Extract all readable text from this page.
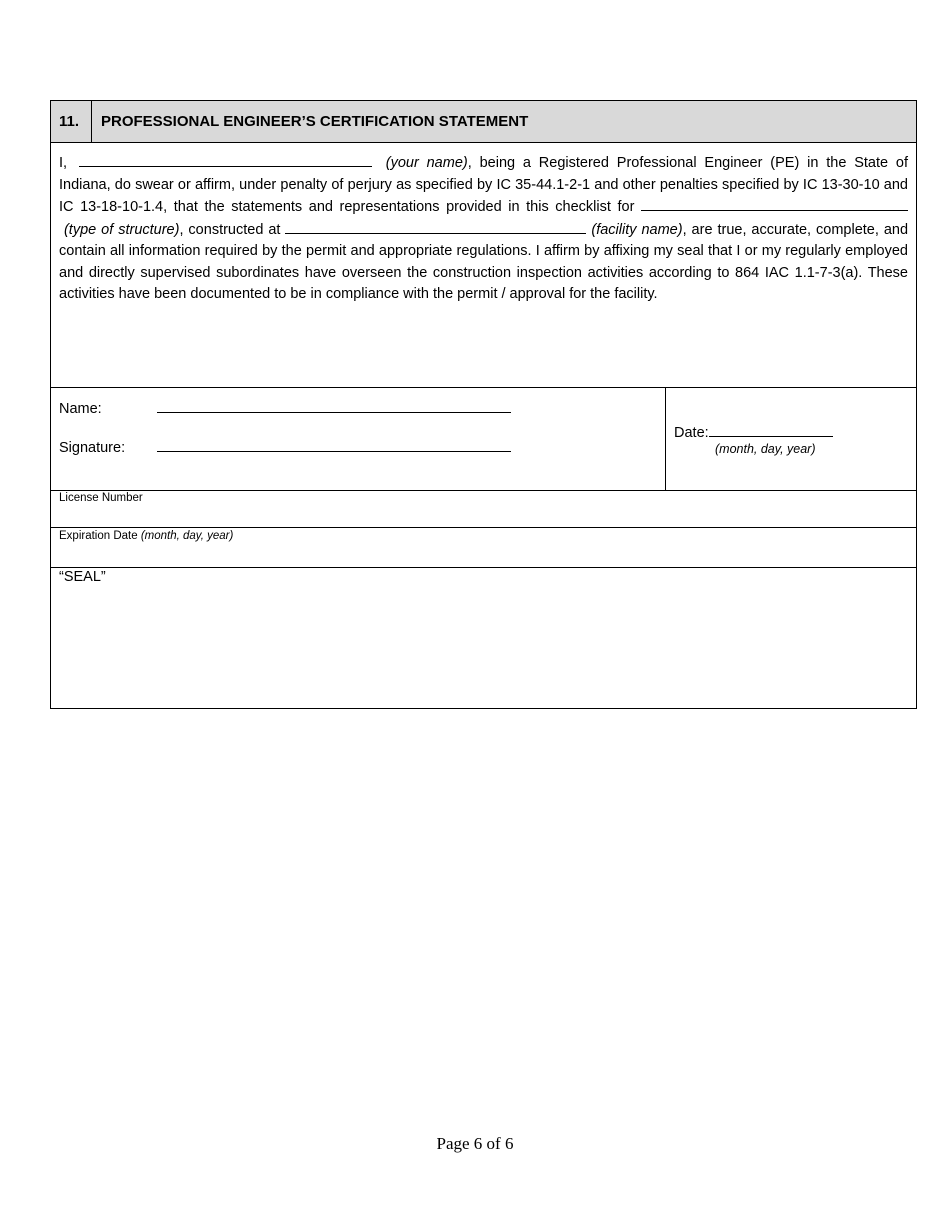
11.	PROFESSIONAL ENGINEER’S CERTIFICATION STATEMENT
I,	(your name), being a Registered Professional Engineer (PE) in the State of Indiana, do swear or affirm, under penalty of perjury as specified by IC 35-44.1-2-1 and other penalties specified by IC 13-30-10 and IC 13-18-10-1.4, that the statements and representations provided in this checklist for   (type of structure), constructed at	(facility name), are true, accurate, complete, and contain all information required by the permit and appropriate regulations. I affirm by affixing my seal that I or my regularly employed and directly supervised subordinates have overseen the construction inspection activities according to 864 IAC 1.1-7-3(a). These activities have been documented to be in compliance with the permit / approval for the facility.
Name:
Signature:
Date:
(month, day, year)
License Number
Expiration Date (month, day, year)
“SEAL”
Page 6 of 6
